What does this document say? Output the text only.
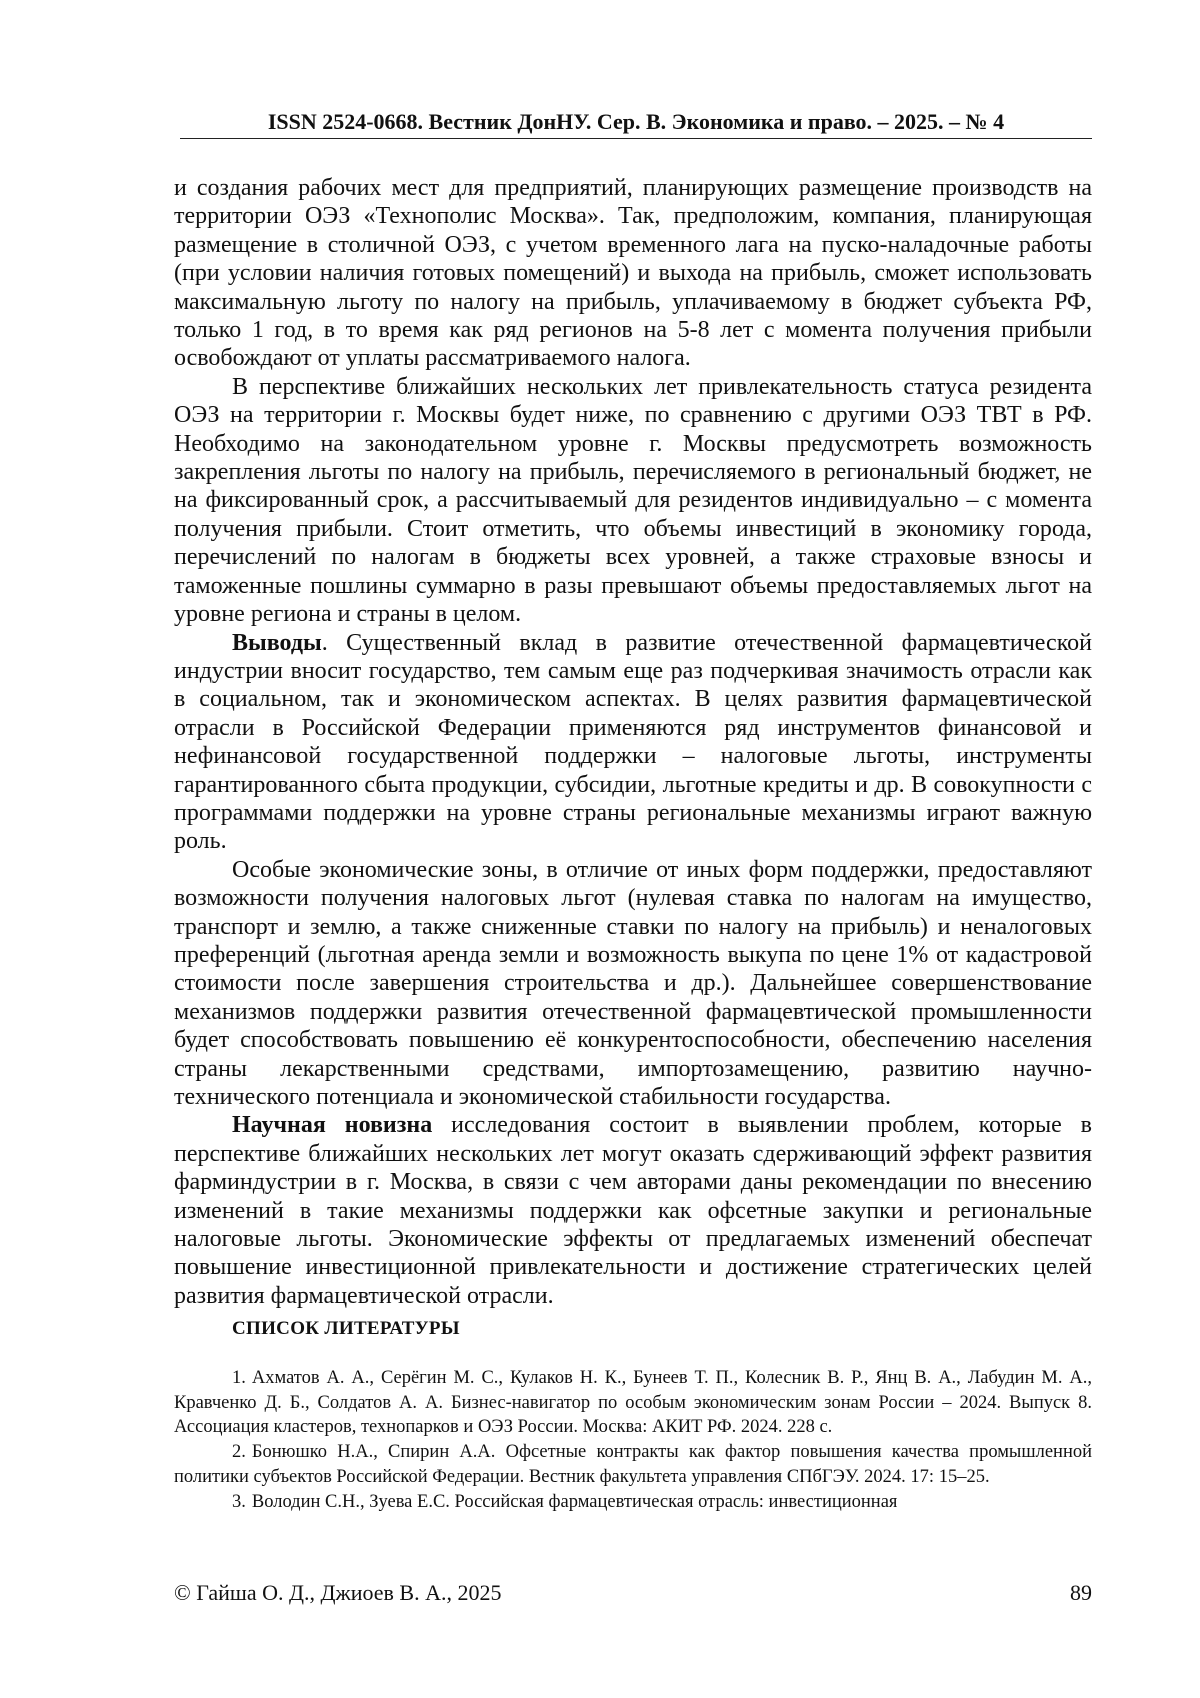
ISSN 2524-0668. Вестник ДонНУ. Сер. В. Экономика и право. – 2025. – № 4

и создания рабочих мест для предприятий, планирующих размещение производств на территории ОЭЗ «Технополис Москва». Так, предположим, компания, планирующая размещение в столичной ОЭЗ, с учетом временного лага на пуско-наладочные работы (при условии наличия готовых помещений) и выхода на прибыль, сможет использовать максимальную льготу по налогу на прибыль, уплачиваемому в бюджет субъекта РФ, только 1 год, в то время как ряд регионов на 5-8 лет с момента получения прибыли освобождают от уплаты рассматриваемого налога.

В перспективе ближайших нескольких лет привлекательность статуса резидента ОЭЗ на территории г. Москвы будет ниже, по сравнению с другими ОЭЗ ТВТ в РФ. Необходимо на законодательном уровне г. Москвы предусмотреть возможность закрепления льготы по налогу на прибыль, перечисляемого в региональный бюджет, не на фиксированный срок, а рассчитываемый для резидентов индивидуально – с момента получения прибыли. Стоит отметить, что объемы инвестиций в экономику города, перечислений по налогам в бюджеты всех уровней, а также страховые взносы и таможенные пошлины суммарно в разы превышают объемы предоставляемых льгот на уровне региона и страны в целом.

Выводы. Существенный вклад в развитие отечественной фармацевтической индустрии вносит государство, тем самым еще раз подчеркивая значимость отрасли как в социальном, так и экономическом аспектах. В целях развития фармацевтической отрасли в Российской Федерации применяются ряд инструментов финансовой и нефинансовой государственной поддержки – налоговые льготы, инструменты гарантированного сбыта продукции, субсидии, льготные кредиты и др. В совокупности с программами поддержки на уровне страны региональные механизмы играют важную роль.

Особые экономические зоны, в отличие от иных форм поддержки, предоставляют возможности получения налоговых льгот (нулевая ставка по налогам на имущество, транспорт и землю, а также сниженные ставки по налогу на прибыль) и неналоговых преференций (льготная аренда земли и возможность выкупа по цене 1% от кадастровой стоимости после завершения строительства и др.). Дальнейшее совершенствование механизмов поддержки развития отечественной фармацевтической промышленности будет способствовать повышению её конкурентоспособности, обеспечению населения страны лекарственными средствами, импортозамещению, развитию научно-технического потенциала и экономической стабильности государства.

Научная новизна исследования состоит в выявлении проблем, которые в перспективе ближайших нескольких лет могут оказать сдерживающий эффект развития фарминдустрии в г. Москва, в связи с чем авторами даны рекомендации по внесению изменений в такие механизмы поддержки как офсетные закупки и региональные налоговые льготы. Экономические эффекты от предлагаемых изменений обеспечат повышение инвестиционной привлекательности и достижение стратегических целей развития фармацевтической отрасли.

СПИСОК ЛИТЕРАТУРЫ

1. Ахматов А. А., Серёгин М. С., Кулаков Н. К., Бунеев Т. П., Колесник В. Р., Янц В. А., Лабудин М. А., Кравченко Д. Б., Солдатов А. А. Бизнес-навигатор по особым экономическим зонам России – 2024. Выпуск 8. Ассоциация кластеров, технопарков и ОЭЗ России. Москва: АКИТ РФ. 2024. 228 с.

2. Бонюшко Н.А., Спирин А.А. Офсетные контракты как фактор повышения качества промышленной политики субъектов Российской Федерации. Вестник факультета управления СПбГЭУ. 2024. 17: 15–25.

3. Володин С.Н., Зуева Е.С. Российская фармацевтическая отрасль: инвестиционная

© Гайша О. Д., Джиоев В. А., 2025	89
